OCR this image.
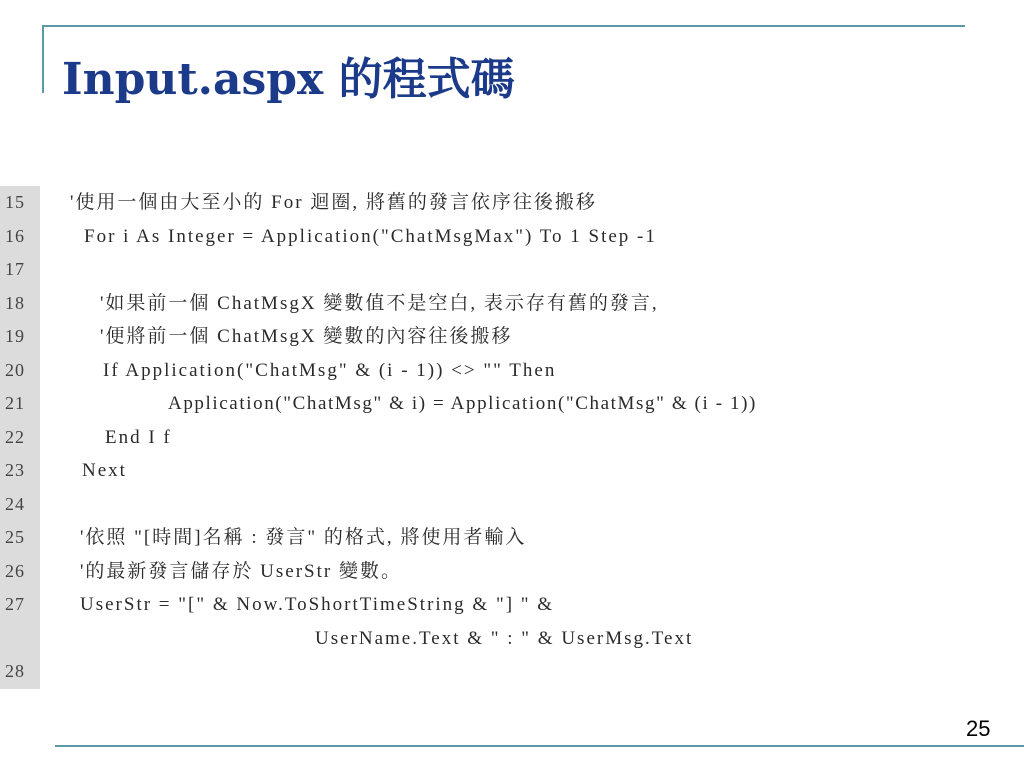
Input.aspx 的程式碼
15	'使用一個由大至小的 For 迴圈, 將舊的發言依序往後搬移
16	For i As Integer = Application("ChatMsgMax") To 1 Step -1
17
18	'如果前一個 ChatMsgX 變數值不是空白, 表示存有舊的發言,
19	'便將前一個 ChatMsgX 變數的內容往後搬移
20	If Application("ChatMsg" & (i - 1)) <> "" Then
21	Application("ChatMsg" & i) = Application("ChatMsg" & (i - 1))
22	End I f
23	Next
24
25	'依照 "[時間]名稱 : 發言" 的格式, 將使用者輸入
26	'的最新發言儲存於 UserStr 變數。
27	UserStr = "[" & Now.ToShortTimeString & "] " &
UserName.Text & " : " & UserMsg.Text
28
25
